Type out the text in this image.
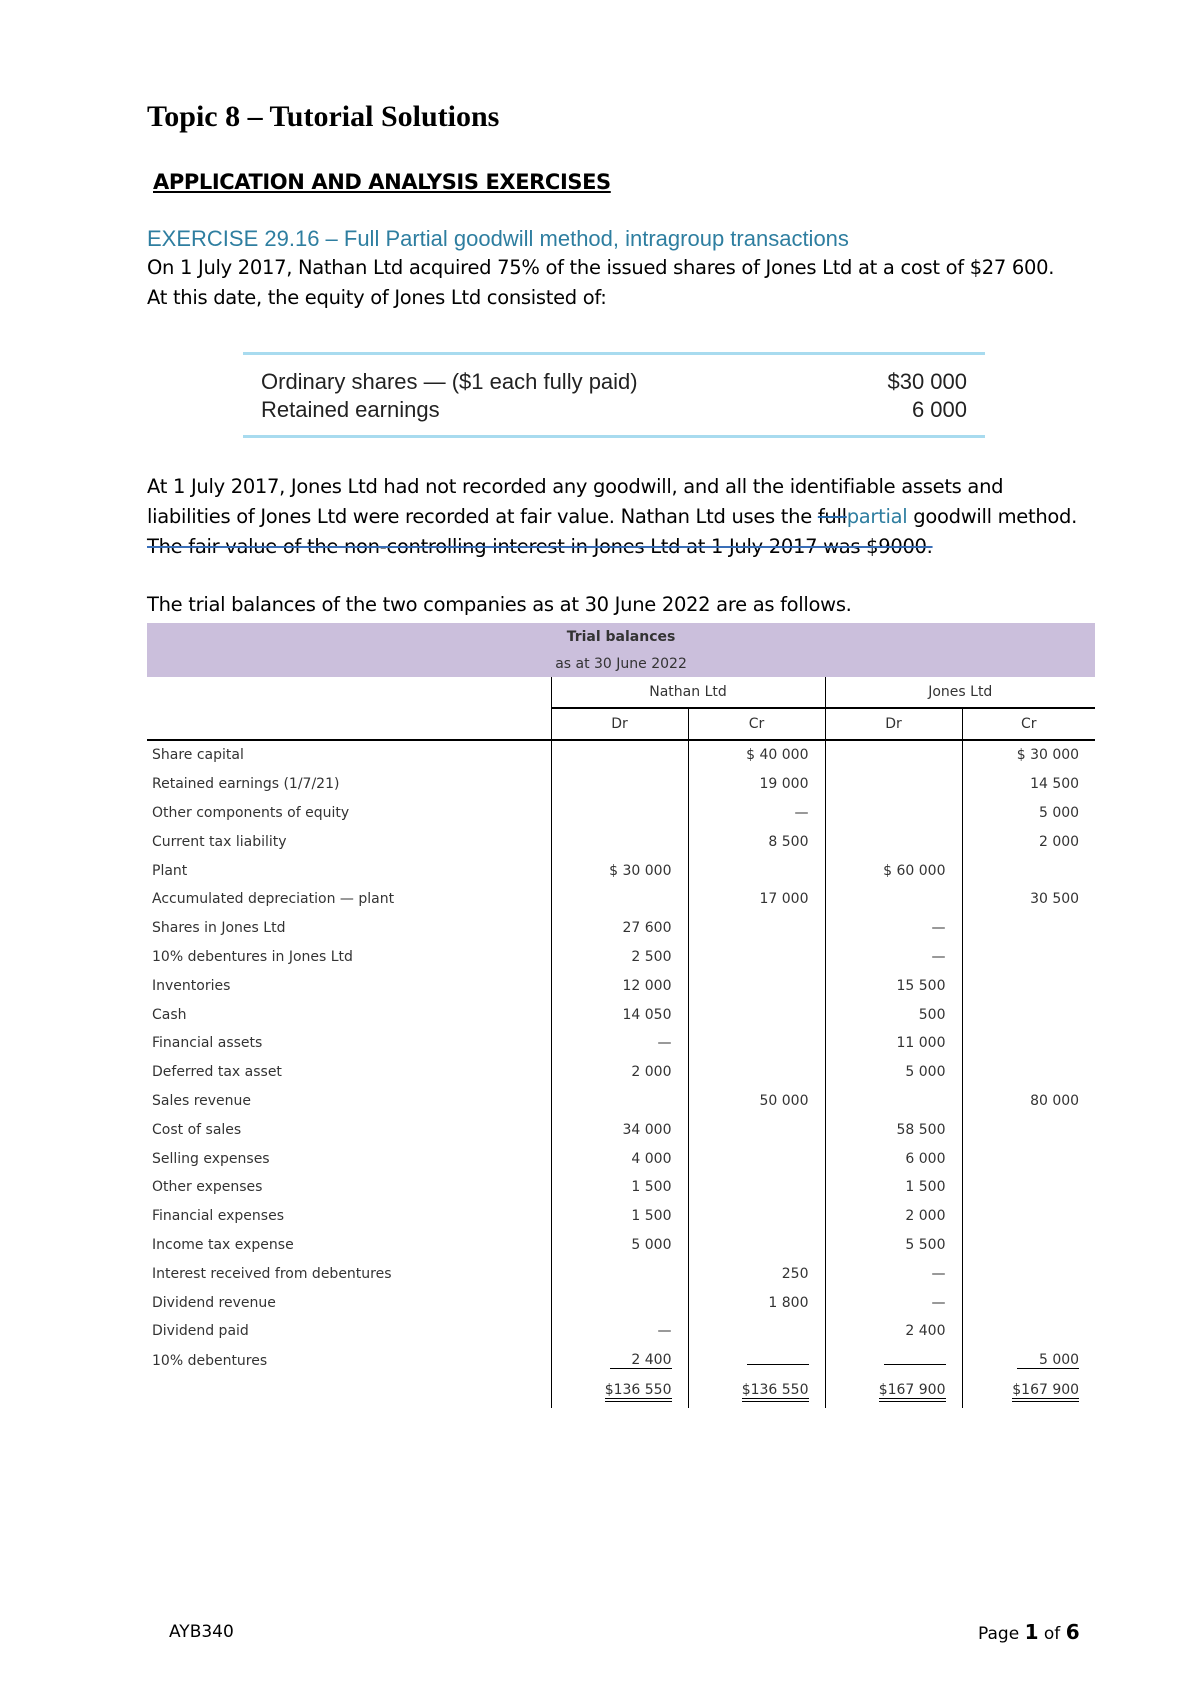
Topic 8 – Tutorial Solutions
APPLICATION AND ANALYSIS EXERCISES
EXERCISE 29.16 – Full Partial goodwill method, intragroup transactions
On 1 July 2017, Nathan Ltd acquired 75% of the issued shares of Jones Ltd at a cost of $27 600. At this date, the equity of Jones Ltd consisted of:
Ordinary shares — ($1 each fully paid)	$30 000
Retained earnings	6 000
At 1 July 2017, Jones Ltd had not recorded any goodwill, and all the identifiable assets and liabilities of Jones Ltd were recorded at fair value. Nathan Ltd uses the fullpartial goodwill method. The fair value of the non-controlling interest in Jones Ltd at 1 July 2017 was $9000.
The trial balances of the two companies as at 30 June 2022 are as follows.
Trial balances				
as at 30 June 2022				
	Nathan Ltd		Jones Ltd	
	Dr	Cr	Dr	Cr
Share capital		$ 40 000		$ 30 000
Retained earnings (1/7/21)		19 000		14 500
Other components of equity		—		5 000
Current tax liability		8 500		2 000
Plant	$ 30 000		$ 60 000	
Accumulated depreciation — plant		17 000		30 500
Shares in Jones Ltd	27 600		—	
10% debentures in Jones Ltd	2 500		—	
Inventories	12 000		15 500	
Cash	14 050		500	
Financial assets	—		11 000	
Deferred tax asset	2 000		5 000	
Sales revenue		50 000		80 000
Cost of sales	34 000		58 500	
Selling expenses	4 000		6 000	
Other expenses	1 500		1 500	
Financial expenses	1 500		2 000	
Income tax expense	5 000		5 500	
Interest received from debentures		250	—	
Dividend revenue		1 800	—	
Dividend paid	—		2 400	
10% debentures	2 400			5 000
	$136 550	$136 550	$167 900	$167 900
AYB340	Page 1 of 6
